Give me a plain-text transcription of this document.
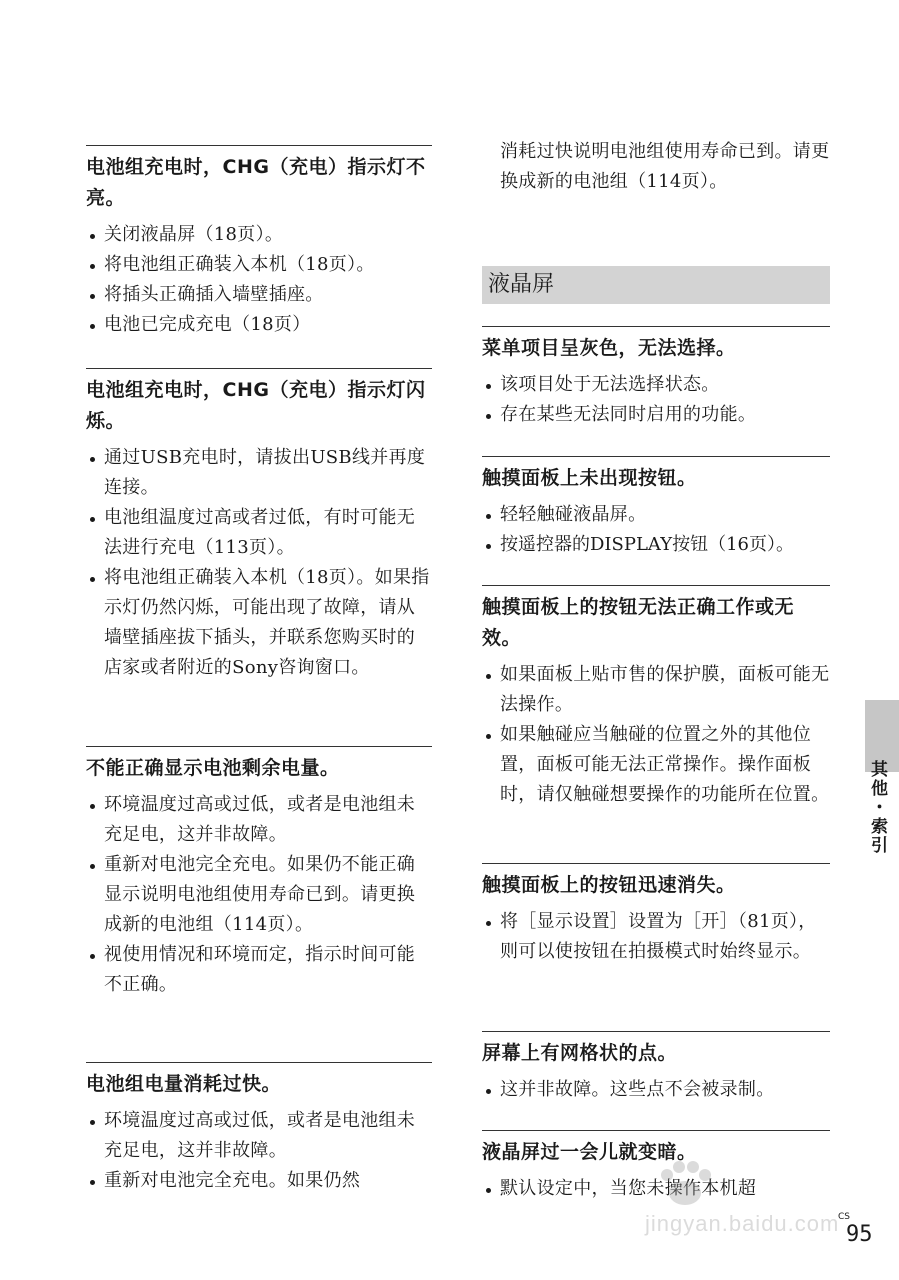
电池组充电时，CHG（充电）指示灯不亮。
关闭液晶屏（18页）。
将电池组正确装入本机（18页）。
将插头正确插入墙壁插座。
电池已完成充电（18页）
电池组充电时，CHG（充电）指示灯闪烁。
通过USB充电时，请拔出USB线并再度连接。
电池组温度过高或者过低，有时可能无法进行充电（113页）。
将电池组正确装入本机（18页）。如果指示灯仍然闪烁，可能出现了故障，请从墙壁插座拔下插头，并联系您购买时的店家或者附近的Sony咨询窗口。
不能正确显示电池剩余电量。
环境温度过高或过低，或者是电池组未充足电，这并非故障。
重新对电池完全充电。如果仍不能正确显示说明电池组使用寿命已到。请更换成新的电池组（114页）。
视使用情况和环境而定，指示时间可能不正确。
电池组电量消耗过快。
环境温度过高或过低，或者是电池组未充足电，这并非故障。
重新对电池完全充电。如果仍然
消耗过快说明电池组使用寿命已到。请更换成新的电池组（114页）。
液晶屏
菜单项目呈灰色，无法选择。
该项目处于无法选择状态。
存在某些无法同时启用的功能。
触摸面板上未出现按钮。
轻轻触碰液晶屏。
按遥控器的DISPLAY按钮（16页）。
触摸面板上的按钮无法正确工作或无效。
如果面板上贴市售的保护膜，面板可能无法操作。
如果触碰应当触碰的位置之外的其他位置，面板可能无法正常操作。操作面板时，请仅触碰想要操作的功能所在位置。
触摸面板上的按钮迅速消失。
将［显示设置］设置为［开］（81页），则可以使按钮在拍摄模式时始终显示。
屏幕上有网格状的点。
这并非故障。这些点不会被录制。
液晶屏过一会儿就变暗。
默认设定中，当您未操作本机超
其他・索引
jingyan.baidu.com
CS
95
